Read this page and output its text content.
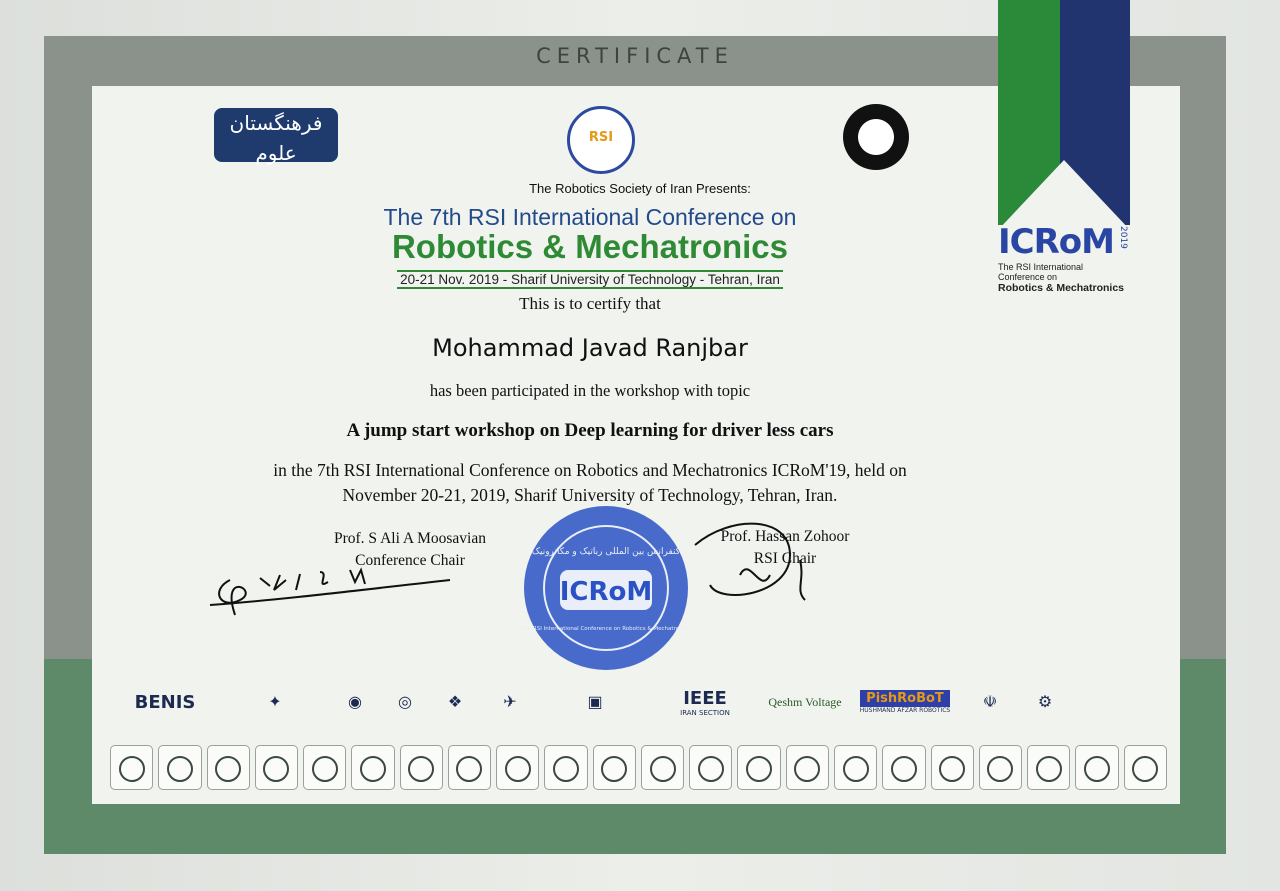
CERTIFICATE
ICRoM 2019
The RSI International Conference on
Robotics & Mechatronics
فرهنگستان علوم
RSI
The Robotics Society of Iran Presents:
The 7th RSI International Conference on
Robotics & Mechatronics
20-21 Nov. 2019 - Sharif University of Technology - Tehran, Iran
This is to certify that
Mohammad Javad Ranjbar
has been participated in the workshop with topic
A jump start workshop on Deep learning for driver less cars
in the 7th RSI International Conference on Robotics and Mechatronics ICRoM'19, held on
November 20-21, 2019, Sharif University of Technology, Tehran, Iran.
Prof. S Ali A Moosavian
Conference Chair
Prof. Hassan Zohoor
RSI Chair
ICRoM
کنفرانس بین المللی رباتیک و مکاترونیک
7th RSI International Conference on Robotics & Mechatronics
BENIS	✦	◉	◎	❖	✈	▣	IEEE
IRAN SECTION
Qeshm Voltage	PishRoBoT
HUSHMAND AFZAR ROBOTICS	☫	⚙
